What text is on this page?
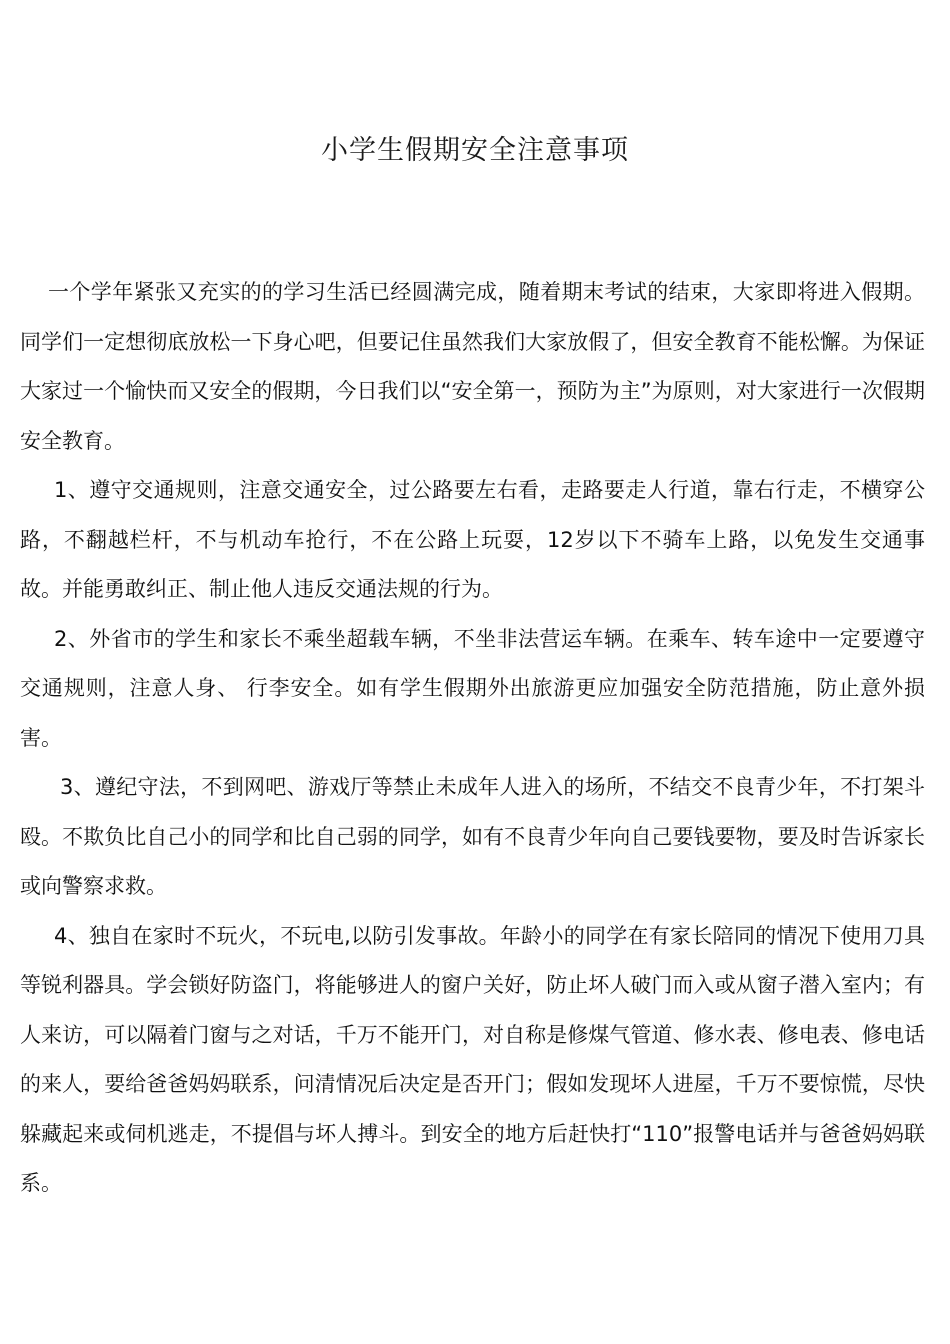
小学生假期安全注意事项

一个学年紧张又充实的的学习生活已经圆满完成，随着期末考试的结束，大家即将进入假期。同学们一定想彻底放松一下身心吧，但要记住虽然我们大家放假了，但安全教育不能松懈。为保证大家过一个愉快而又安全的假期，今日我们以“安全第一，预防为主”为原则，对大家进行一次假期安全教育。

1、遵守交通规则，注意交通安全，过公路要左右看，走路要走人行道，靠右行走，不横穿公路，不翻越栏杆，不与机动车抢行，不在公路上玩耍，12岁以下不骑车上路，以免发生交通事故。并能勇敢纠正、制止他人违反交通法规的行为。

2、外省市的学生和家长不乘坐超载车辆，不坐非法营运车辆。在乘车、转车途中一定要遵守交通规则，注意人身、 行李安全。如有学生假期外出旅游更应加强安全防范措施，防止意外损害。

3、遵纪守法，不到网吧、游戏厅等禁止未成年人进入的场所，不结交不良青少年，不打架斗殴。不欺负比自己小的同学和比自己弱的同学，如有不良青少年向自己要钱要物，要及时告诉家长或向警察求救。

4、独自在家时不玩火，不玩电,以防引发事故。年龄小的同学在有家长陪同的情况下使用刀具等锐利器具。学会锁好防盗门，将能够进人的窗户关好，防止坏人破门而入或从窗子潜入室内；有人来访，可以隔着门窗与之对话，千万不能开门，对自称是修煤气管道、修水表、修电表、修电话的来人，要给爸爸妈妈联系，问清情况后决定是否开门；假如发现坏人进屋，千万不要惊慌，尽快躲藏起来或伺机逃走，不提倡与坏人搏斗。到安全的地方后赶快打“110”报警电话并与爸爸妈妈联系。
